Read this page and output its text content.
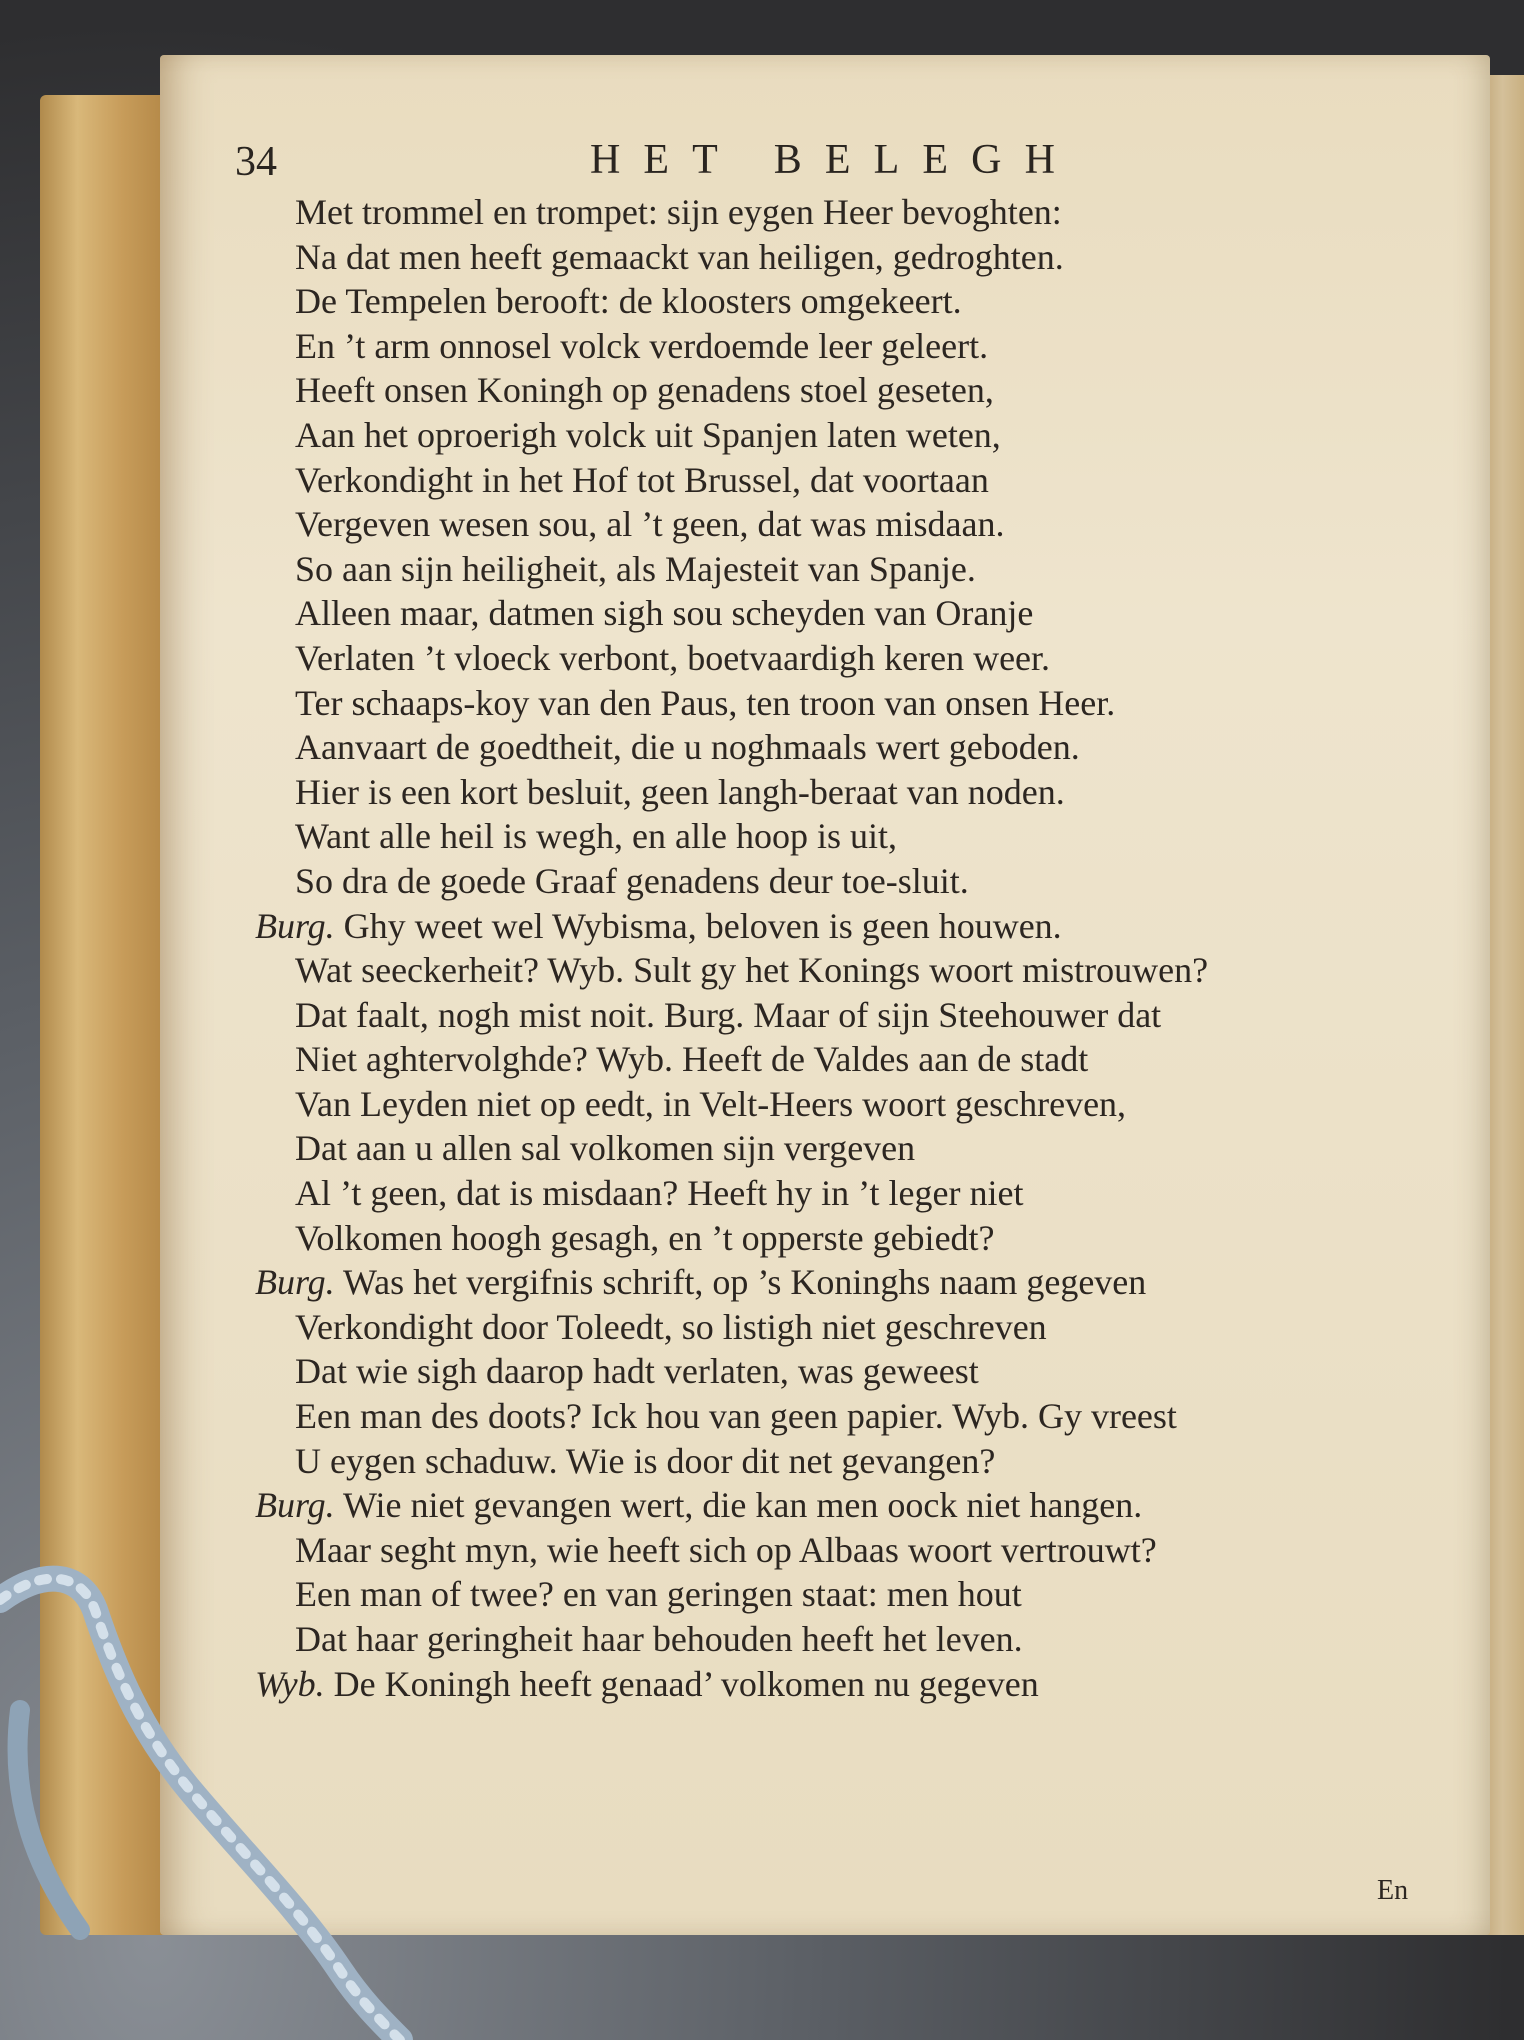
34	HET BELEGH
Met trommel en trompet: sijn eygen Heer bevoghten:
Na dat men heeft gemaackt van heiligen, gedroghten.
De Tempelen berooft: de kloosters omgekeert.
En ’t arm onnosel volck verdoemde leer geleert.
Heeft onsen Koningh op genadens stoel geseten,
Aan het oproerigh volck uit Spanjen laten weten,
Verkondight in het Hof tot Brussel, dat voortaan
Vergeven wesen sou, al ’t geen, dat was misdaan.
So aan sijn heiligheit, als Majesteit van Spanje.
Alleen maar, datmen sigh sou scheyden van Oranje
Verlaten ’t vloeck verbont, boetvaardigh keren weer.
Ter schaaps-koy van den Paus, ten troon van onsen Heer.
Aanvaart de goedtheit, die u noghmaals wert geboden.
Hier is een kort besluit, geen langh-beraat van noden.
Want alle heil is wegh, en alle hoop is uit,
So dra de goede Graaf genadens deur toe-sluit.
Burg. Ghy weet wel Wybisma, beloven is geen houwen.
Wat seeckerheit? Wyb. Sult gy het Konings woort mistrouwen?
Dat faalt, nogh mist noit. Burg. Maar of sijn Steehouwer dat
Niet aghtervolghde? Wyb. Heeft de Valdes aan de stadt
Van Leyden niet op eedt, in Velt-Heers woort geschreven,
Dat aan u allen sal volkomen sijn vergeven
Al ’t geen, dat is misdaan? Heeft hy in ’t leger niet
Volkomen hoogh gesagh, en ’t opperste gebiedt?
Burg. Was het vergifnis schrift, op ’s Koninghs naam gegeven
Verkondight door Toleedt, so listigh niet geschreven
Dat wie sigh daarop hadt verlaten, was geweest
Een man des doots? Ick hou van geen papier. Wyb. Gy vreest
U eygen schaduw. Wie is door dit net gevangen?
Burg. Wie niet gevangen wert, die kan men oock niet hangen.
Maar seght myn, wie heeft sich op Albaas woort vertrouwt?
Een man of twee? en van geringen staat: men hout
Dat haar geringheit haar behouden heeft het leven.
Wyb. De Koningh heeft genaad’ volkomen nu gegeven
En
